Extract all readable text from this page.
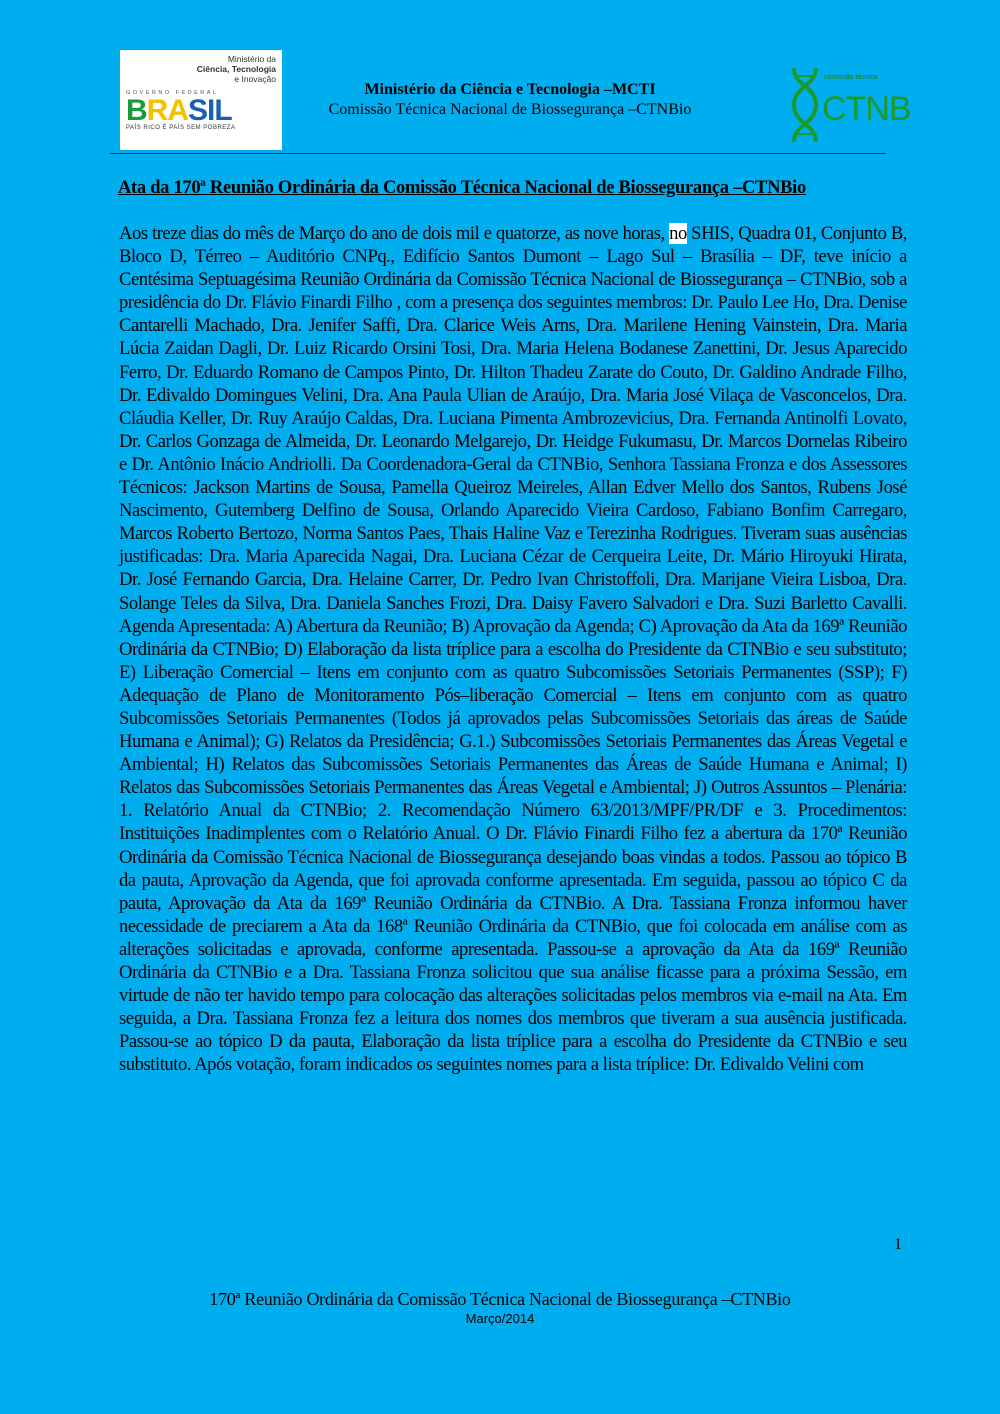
Ministério da
Ciência, Tecnologia
e Inovação
GOVERNO FEDERAL
BRASIL
PAÍS RICO É PAÍS SEM POBREZA
Ministério da Ciência e Tecnologia –MCTI
Comissão Técnica Nacional de Biossegurança –CTNBio
comissão técnica
CTNB
Ata da 170ª Reunião Ordinária da Comissão Técnica Nacional de Biossegurança –CTNBio
Aos treze dias do mês de Março do ano de dois mil e quatorze, as nove horas, no SHIS, Quadra 01, Conjunto B, Bloco D, Térreo – Auditório CNPq., Edifício Santos Dumont – Lago Sul – Brasília – DF, teve início a Centésima Septuagésima Reunião Ordinária da Comissão Técnica Nacional de Biossegurança – CTNBio, sob a presidência do Dr. Flávio Finardi Filho , com a presença dos seguintes membros: Dr. Paulo Lee Ho, Dra. Denise Cantarelli Machado, Dra. Jenifer Saffi, Dra. Clarice Weis Arns, Dra. Marilene Hening Vainstein, Dra. Maria Lúcia Zaidan Dagli, Dr. Luiz Ricardo Orsini Tosi, Dra. Maria Helena Bodanese Zanettini, Dr. Jesus Aparecido Ferro, Dr. Eduardo Romano de Campos Pinto, Dr. Hilton Thadeu Zarate do Couto, Dr. Galdino Andrade Filho, Dr. Edivaldo Domingues Velini, Dra. Ana Paula Ulian de Araújo, Dra. Maria José Vilaça de Vasconcelos, Dra. Cláudia Keller, Dr. Ruy Araújo Caldas, Dra. Luciana Pimenta Ambrozevicius, Dra. Fernanda Antinolfi Lovato, Dr. Carlos Gonzaga de Almeida, Dr. Leonardo Melgarejo, Dr. Heidge Fukumasu, Dr. Marcos Dornelas Ribeiro e Dr. Antônio Inácio Andriolli. Da Coordenadora-Geral da CTNBio, Senhora Tassiana Fronza e dos Assessores Técnicos: Jackson Martins de Sousa, Pamella Queiroz Meireles, Allan Edver Mello dos Santos, Rubens José Nascimento, Gutemberg Delfino de Sousa, Orlando Aparecido Vieira Cardoso, Fabiano Bonfim Carregaro, Marcos Roberto Bertozo, Norma Santos Paes, Thais Haline Vaz e Terezinha Rodrigues. Tiveram suas ausências justificadas: Dra. Maria Aparecida Nagai, Dra. Luciana Cézar de Cerqueira Leite, Dr. Mário Hiroyuki Hirata, Dr. José Fernando Garcia, Dra. Helaine Carrer, Dr. Pedro Ivan Christoffoli, Dra. Marijane Vieira Lisboa, Dra. Solange Teles da Silva, Dra. Daniela Sanches Frozi, Dra. Daisy Favero Salvadori e Dra. Suzi Barletto Cavalli. Agenda Apresentada: A) Abertura da Reunião; B) Aprovação da Agenda; C) Aprovação da Ata da 169ª Reunião Ordinária da CTNBio; D) Elaboração da lista tríplice para a escolha do Presidente da CTNBio e seu substituto; E) Liberação Comercial – Itens em conjunto com as quatro Subcomissões Setoriais Permanentes (SSP); F) Adequação de Plano de Monitoramento Pós–liberação Comercial – Itens em conjunto com as quatro Subcomissões Setoriais Permanentes (Todos já aprovados pelas Subcomissões Setoriais das áreas de Saúde Humana e Animal); G) Relatos da Presidência; G.1.) Subcomissões Setoriais Permanentes das Áreas Vegetal e Ambiental; H) Relatos das Subcomissões Setoriais Permanentes das Áreas de Saúde Humana e Animal; I) Relatos das Subcomissões Setoriais Permanentes das Áreas Vegetal e Ambiental; J) Outros Assuntos – Plenária: 1. Relatório Anual da CTNBio; 2. Recomendação Número 63/2013/MPF/PR/DF e 3. Procedimentos: Instituições Inadimplentes com o Relatório Anual. O Dr. Flávio Finardi Filho fez a abertura da 170ª Reunião Ordinária da Comissão Técnica Nacional de Biossegurança desejando boas vindas a todos. Passou ao tópico B da pauta, Aprovação da Agenda, que foi aprovada conforme apresentada. Em seguida, passou ao tópico C da pauta, Aprovação da Ata da 169ª Reunião Ordinária da CTNBio. A Dra. Tassiana Fronza informou haver necessidade de preciarem a Ata da 168ª Reunião Ordinária da CTNBio, que foi colocada em análise com as alterações solicitadas e aprovada, conforme apresentada. Passou-se a aprovação da Ata da 169ª Reunião Ordinária da CTNBio e a Dra. Tassiana Fronza solicitou que sua análise ficasse para a próxima Sessão, em virtude de não ter havido tempo para colocação das alterações solicitadas pelos membros via e-mail na Ata. Em seguida, a Dra. Tassiana Fronza fez a leitura dos nomes dos membros que tiveram a sua ausência justificada. Passou-se ao tópico D da pauta, Elaboração da lista tríplice para a escolha do Presidente da CTNBio e seu substituto. Após votação, foram indicados os seguintes nomes para a lista tríplice: Dr. Edivaldo Velini com
1
170ª Reunião Ordinária da Comissão Técnica Nacional de Biossegurança –CTNBio
Março/2014
